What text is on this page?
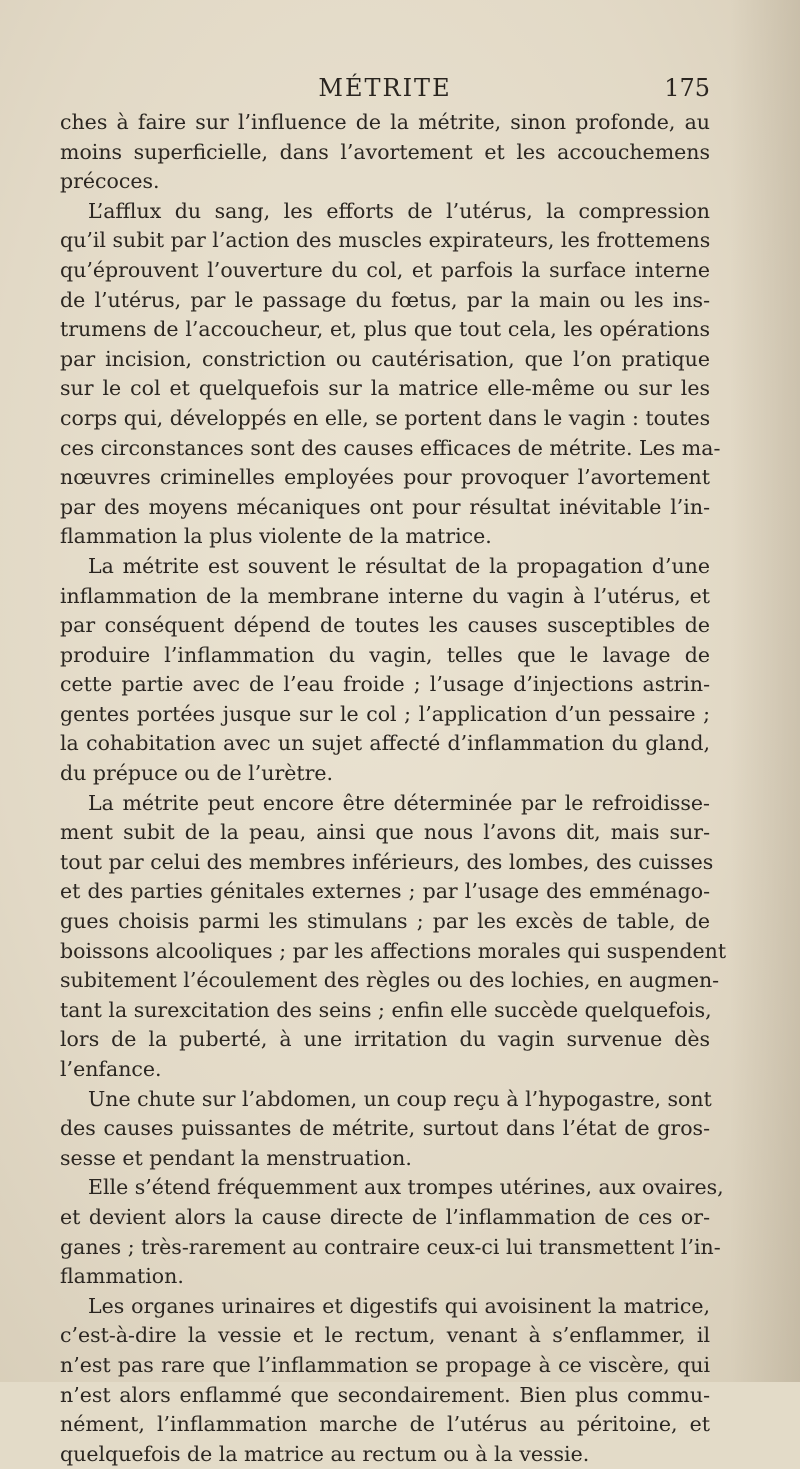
MÉTRITE	175

ches à faire sur l’influence de la métrite, sinon profonde, au
moins superficielle, dans l’avortement et les accouchemens
précoces.

L’afflux du sang, les efforts de l’utérus, la compression
qu’il subit par l’action des muscles expirateurs, les frottemens
qu’éprouvent l’ouverture du col, et parfois la surface interne
de l’utérus, par le passage du fœtus, par la main ou les ins-
trumens de l’accoucheur, et, plus que tout cela, les opérations
par incision, constriction ou cautérisation, que l’on pratique
sur le col et quelquefois sur la matrice elle-même ou sur les
corps qui, développés en elle, se portent dans le vagin : toutes
ces circonstances sont des causes efficaces de métrite. Les ma-
nœuvres criminelles employées pour provoquer l’avortement
par des moyens mécaniques ont pour résultat inévitable l’in-
flammation la plus violente de la matrice.

La métrite est souvent le résultat de la propagation d’une
inflammation de la membrane interne du vagin à l’utérus, et
par conséquent dépend de toutes les causes susceptibles de
produire l’inflammation du vagin, telles que le lavage de
cette partie avec de l’eau froide ; l’usage d’injections astrin-
gentes portées jusque sur le col ; l’application d’un pessaire ;
la cohabitation avec un sujet affecté d’inflammation du gland,
du prépuce ou de l’urètre.

La métrite peut encore être déterminée par le refroidisse-
ment subit de la peau, ainsi que nous l’avons dit, mais sur-
tout par celui des membres inférieurs, des lombes, des cuisses
et des parties génitales externes ; par l’usage des emménago-
gues choisis parmi les stimulans ; par les excès de table, de
boissons alcooliques ; par les affections morales qui suspendent
subitement l’écoulement des règles ou des lochies, en augmen-
tant la surexcitation des seins ; enfin elle succède quelquefois,
lors de la puberté, à une irritation du vagin survenue dès
l’enfance.

Une chute sur l’abdomen, un coup reçu à l’hypogastre, sont
des causes puissantes de métrite, surtout dans l’état de gros-
sesse et pendant la menstruation.

Elle s’étend fréquemment aux trompes utérines, aux ovaires,
et devient alors la cause directe de l’inflammation de ces or-
ganes ; très-rarement au contraire ceux-ci lui transmettent l’in-
flammation.

Les organes urinaires et digestifs qui avoisinent la matrice,
c’est-à-dire la vessie et le rectum, venant à s’enflammer, il
n’est pas rare que l’inflammation se propage à ce viscère, qui
n’est alors enflammé que secondairement. Bien plus commu-
nément, l’inflammation marche de l’utérus au péritoine, et
quelquefois de la matrice au rectum ou à la vessie.
